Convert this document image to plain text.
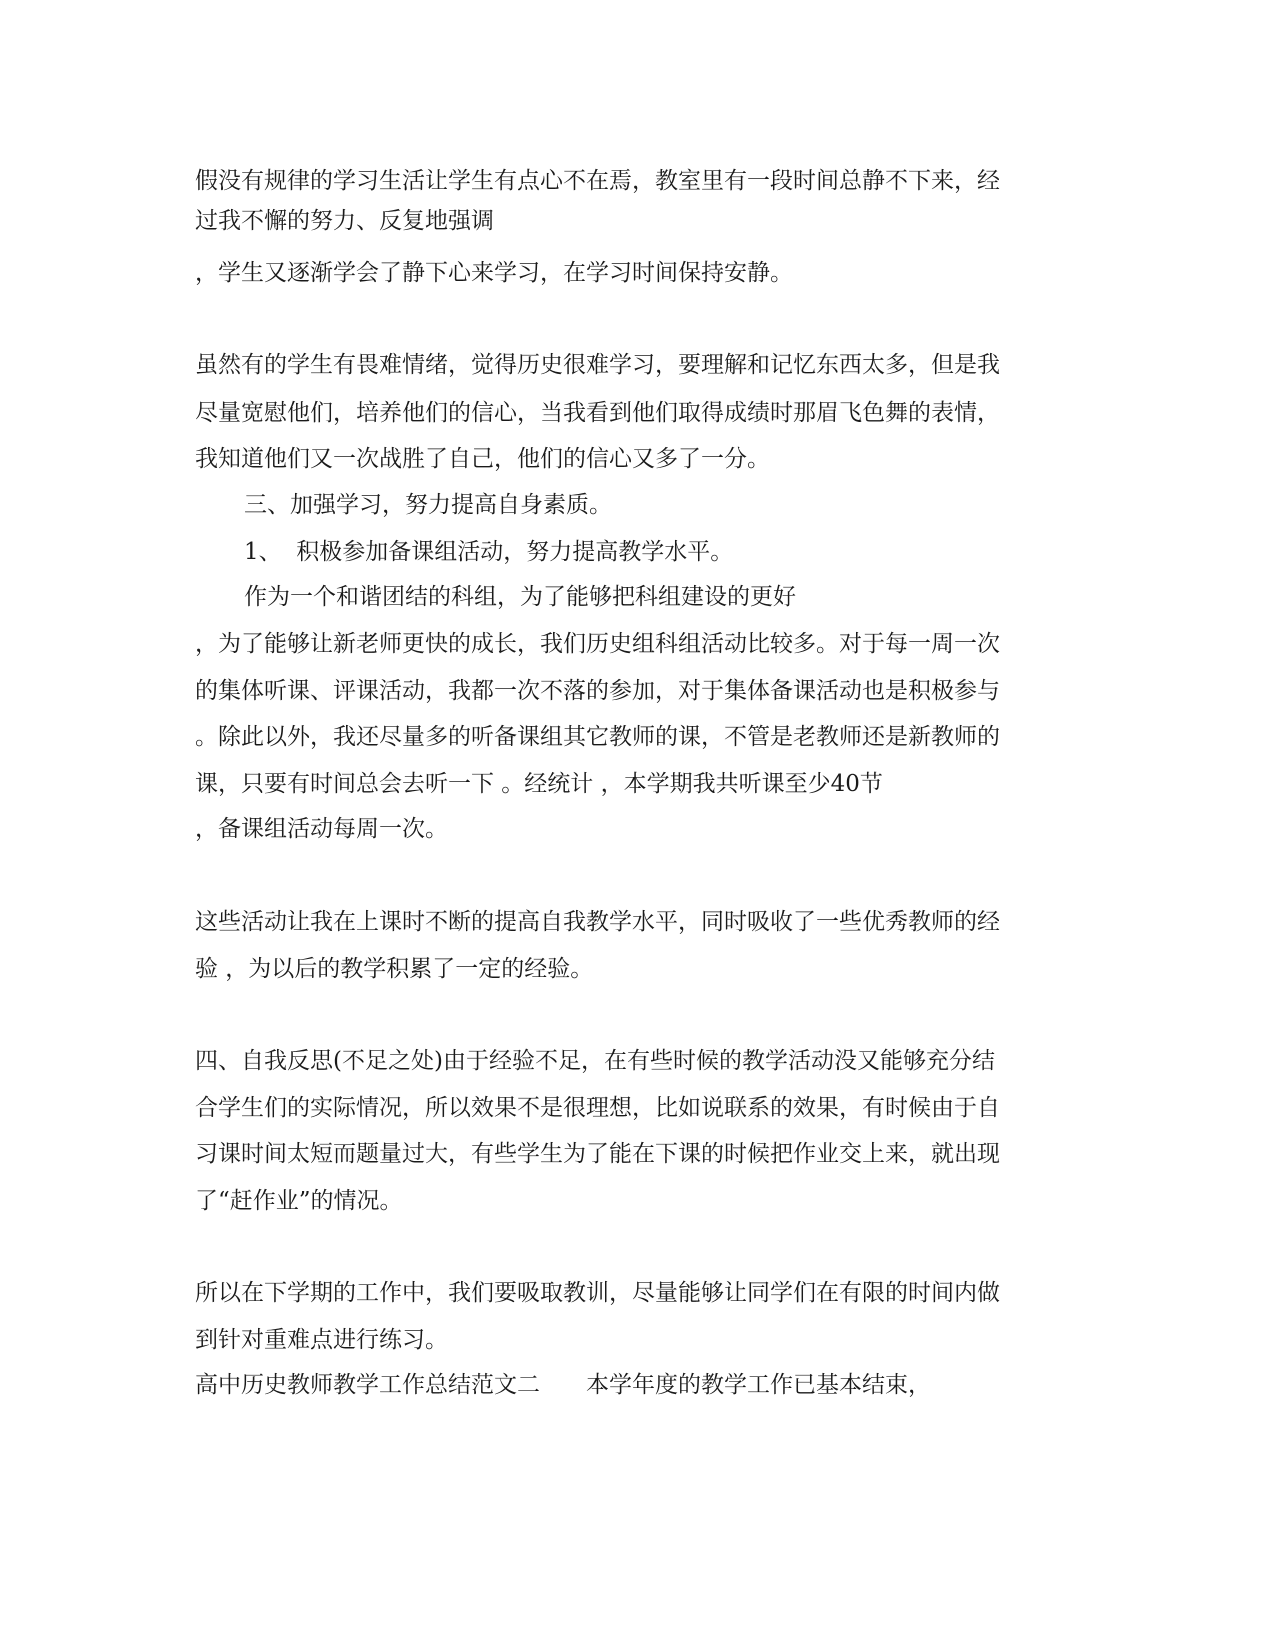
假没有规律的学习生活让学生有点心不在焉，教室里有一段时间总静不下来，经

过我不懈的努力、反复地强调

，学生又逐渐学会了静下心来学习，在学习时间保持安静。

虽然有的学生有畏难情绪，觉得历史很难学习，要理解和记忆东西太多，但是我

尽量宽慰他们，培养他们的信心，当我看到他们取得成绩时那眉飞色舞的表情，

我知道他们又一次战胜了自己，他们的信心又多了一分。

三、加强学习，努力提高自身素质。

1、  积极参加备课组活动，努力提高教学水平。

作为一个和谐团结的科组，为了能够把科组建设的更好

，为了能够让新老师更快的成长，我们历史组科组活动比较多。对于每一周一次

的集体听课、评课活动，我都一次不落的参加，对于集体备课活动也是积极参与

。除此以外，我还尽量多的听备课组其它教师的课，不管是老教师还是新教师的

课，只要有时间总会去听一下 。经统计 ，本学期我共听课至少40节

，备课组活动每周一次。

这些活动让我在上课时不断的提高自我教学水平，同时吸收了一些优秀教师的经

验 ，为以后的教学积累了一定的经验。

四、自我反思(不足之处)由于经验不足，在有些时候的教学活动没又能够充分结

合学生们的实际情况，所以效果不是很理想，比如说联系的效果，有时候由于自

习课时间太短而题量过大，有些学生为了能在下课的时候把作业交上来，就出现

了“赶作业”的情况。

所以在下学期的工作中，我们要吸取教训，尽量能够让同学们在有限的时间内做

到针对重难点进行练习。

高中历史教师教学工作总结范文二　　本学年度的教学工作已基本结束，
